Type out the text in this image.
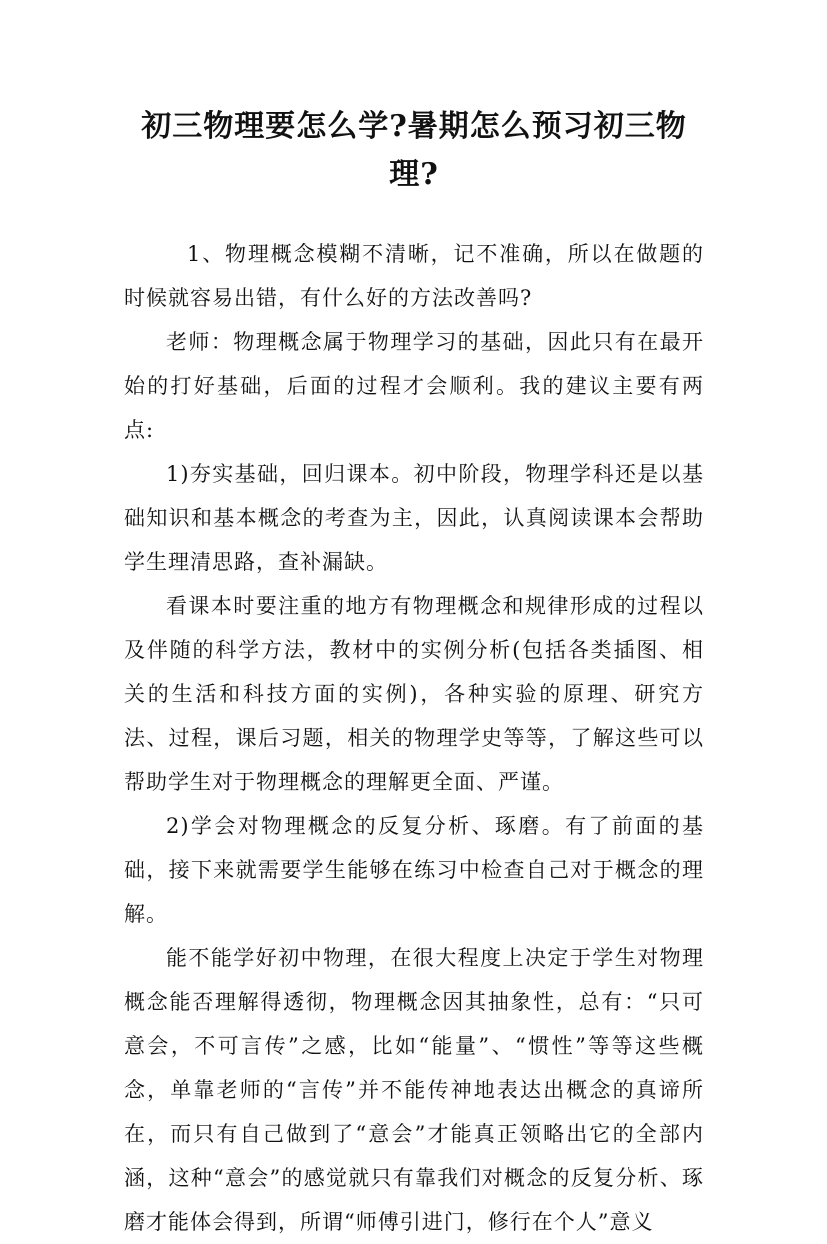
初三物理要怎么学?暑期怎么预习初三物理?

1、物理概念模糊不清晰，记不准确，所以在做题的时候就容易出错，有什么好的方法改善吗?

老师：物理概念属于物理学习的基础，因此只有在最开始的打好基础，后面的过程才会顺利。我的建议主要有两点:

1)夯实基础，回归课本。初中阶段，物理学科还是以基础知识和基本概念的考查为主，因此，认真阅读课本会帮助学生理清思路，查补漏缺。

看课本时要注重的地方有物理概念和规律形成的过程以及伴随的科学方法，教材中的实例分析(包括各类插图、相关的生活和科技方面的实例)，各种实验的原理、研究方法、过程，课后习题，相关的物理学史等等，了解这些可以帮助学生对于物理概念的理解更全面、严谨。

2)学会对物理概念的反复分析、琢磨。有了前面的基础，接下来就需要学生能够在练习中检查自己对于概念的理解。

能不能学好初中物理，在很大程度上决定于学生对物理概念能否理解得透彻，物理概念因其抽象性，总有：“只可意会，不可言传”之感，比如“能量”、“惯性”等等这些概念，单靠老师的“言传”并不能传神地表达出概念的真谛所在，而只有自己做到了“意会”才能真正领略出它的全部内涵，这种“意会”的感觉就只有靠我们对概念的反复分析、琢磨才能体会得到，所谓“师傅引进门，修行在个人”意义
